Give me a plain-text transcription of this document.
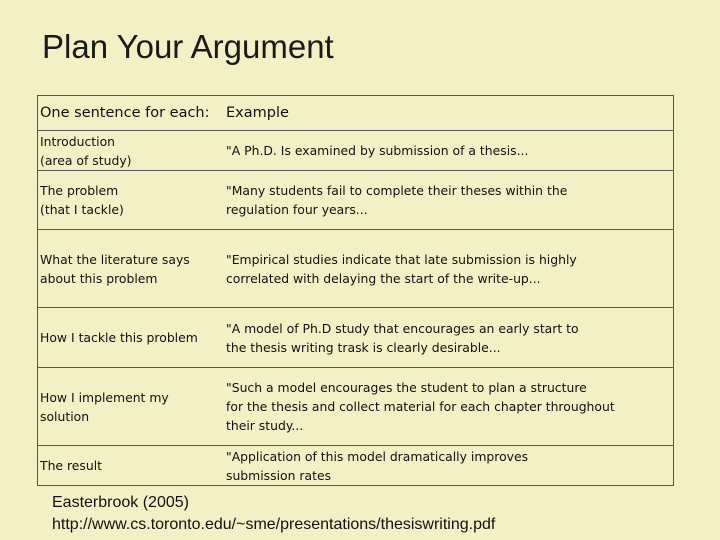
Plan Your Argument
One sentence for each:	Example
Introduction
(area of study)	"A Ph.D. Is examined by submission of a thesis...
The problem
(that I tackle)	"Many students fail to complete their theses within the
regulation four years...
What the literature says
about this problem	"Empirical studies indicate that late submission is highly
correlated with delaying the start of the write-up...
How I tackle this problem	"A model of Ph.D study that encourages an early start to
the thesis writing trask is clearly desirable...
How I implement my
solution	"Such a model encourages the student to plan a structure
for the thesis and collect material for each chapter throughout
their study...
The result	"Application of this model dramatically improves
submission rates
Easterbrook (2005)
http://www.cs.toronto.edu/~sme/presentations/thesiswriting.pdf
